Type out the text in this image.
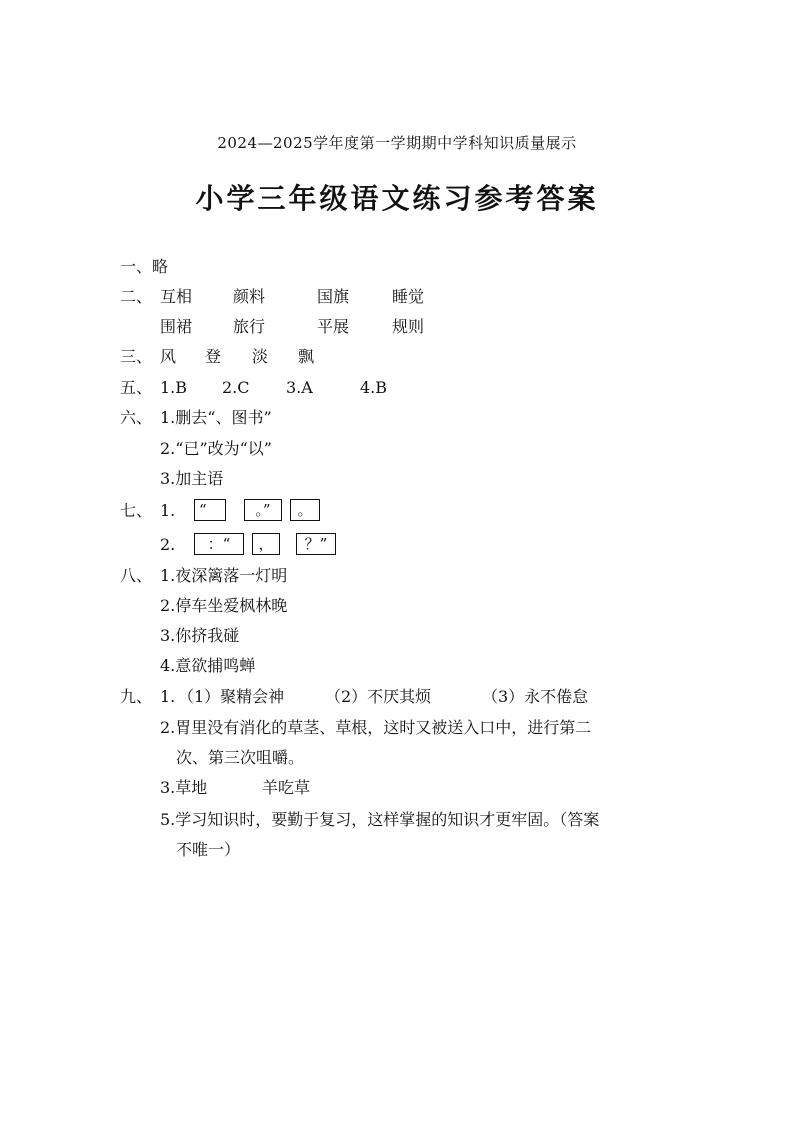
2024—2025学年度第一学期期中学科知识质量展示
小学三年级语文练习参考答案
一、略
二、 互相	颜料	国旗	睡觉
围裙	旅行	平展	规则
三、 风 登 淡 飘
五、 1.B 2.C 3.A	4.B
六、 1.删去“、图书”
2.“已”改为“以”
3.加主语
七、 1.	“	。” 。
2.	：“ ， ？”
八、 1.夜深篱落一灯明
2.停车坐爱枫林晚
3.你挤我碰
4.意欲捕鸣蝉
九、 1. （1）聚精会神	（2）不厌其烦	（3）永不倦怠
2.胃里没有消化的草茎、草根，这时又被送入口中，进行第二
次、第三次咀嚼。
3.草地	羊吃草
5.学习知识时，要勤于复习，这样掌握的知识才更牢固。（答案
不唯一）
